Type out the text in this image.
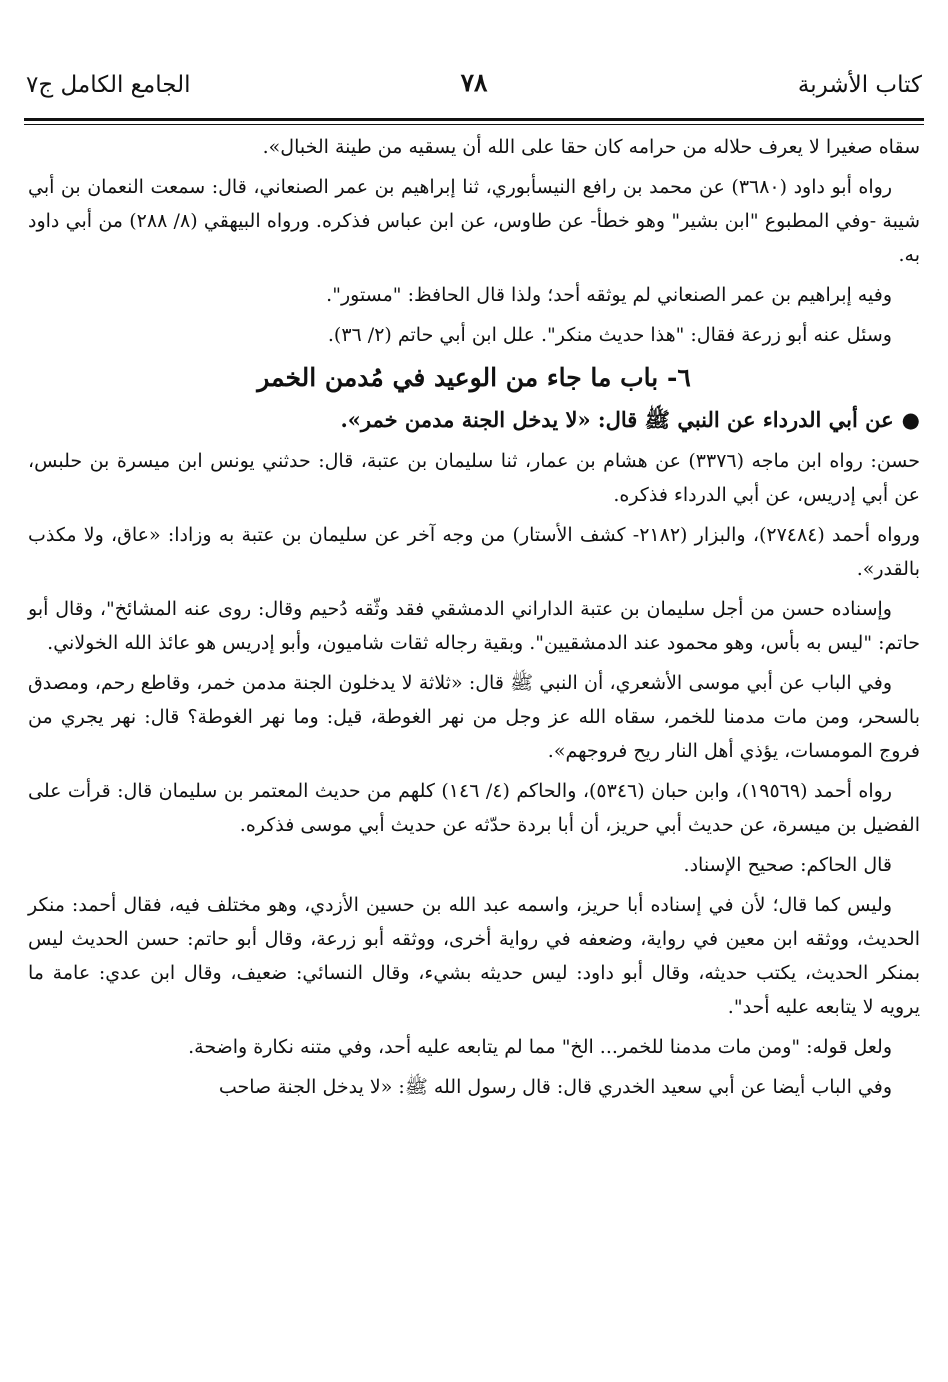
كتاب الأشربة
٧٨
الجامع الكامل ج٧

سقاه صغيرا لا يعرف حلاله من حرامه كان حقا على الله أن يسقيه من طينة الخبال».

رواه أبو داود (٣٦٨٠) عن محمد بن رافع النيسأبوري، ثنا إبراهيم بن عمر الصنعاني، قال: سمعت النعمان بن أبي شيبة -وفي المطبوع "ابن بشير" وهو خطأ- عن طاوس، عن ابن عباس فذكره. ورواه البيهقي (٨/ ٢٨٨) من أبي داود به.

وفيه إبراهيم بن عمر الصنعاني لم يوثقه أحد؛ ولذا قال الحافظ: "مستور".

وسئل عنه أبو زرعة فقال: "هذا حديث منكر". علل ابن أبي حاتم (٢/ ٣٦).

٦- باب ما جاء من الوعيد في مُدمن الخمر

●عن أبي الدرداء عن النبي ﷺ قال: «لا يدخل الجنة مدمن خمر».

حسن: رواه ابن ماجه (٣٣٧٦) عن هشام بن عمار، ثنا سليمان بن عتبة، قال: حدثني يونس ابن ميسرة بن حلبس، عن أبي إدريس، عن أبي الدرداء فذكره.

ورواه أحمد (٢٧٤٨٤)، والبزار (٢١٨٢- كشف الأستار) من وجه آخر عن سليمان بن عتبة به وزادا: «عاق، ولا مكذب بالقدر».

وإسناده حسن من أجل سليمان بن عتبة الداراني الدمشقي فقد وثّقه دُحيم وقال: روى عنه المشائخ"، وقال أبو حاتم: "ليس به بأس، وهو محمود عند الدمشقيين". وبقية رجاله ثقات شاميون، وأبو إدريس هو عائذ الله الخولاني.

وفي الباب عن أبي موسى الأشعري، أن النبي ﷺ قال: «ثلاثة لا يدخلون الجنة مدمن خمر، وقاطع رحم، ومصدق بالسحر، ومن مات مدمنا للخمر، سقاه الله عز وجل من نهر الغوطة، قيل: وما نهر الغوطة؟ قال: نهر يجري من فروج المومسات، يؤذي أهل النار ريح فروجهم».

رواه أحمد (١٩٥٦٩)، وابن حبان (٥٣٤٦)، والحاكم (٤/ ١٤٦) كلهم من حديث المعتمر بن سليمان قال: قرأت على الفضيل بن ميسرة، عن حديث أبي حريز، أن أبا بردة حدّثه عن حديث أبي موسى فذكره.

قال الحاكم: صحيح الإسناد.

وليس كما قال؛ لأن في إسناده أبا حريز، واسمه عبد الله بن حسين الأزدي، وهو مختلف فيه، فقال أحمد: منكر الحديث، ووثقه ابن معين في رواية، وضعفه في رواية أخرى، ووثقه أبو زرعة، وقال أبو حاتم: حسن الحديث ليس بمنكر الحديث، يكتب حديثه، وقال أبو داود: ليس حديثه بشيء، وقال النسائي: ضعيف، وقال ابن عدي: عامة ما يرويه لا يتابعه عليه أحد".

ولعل قوله: "ومن مات مدمنا للخمر... الخ" مما لم يتابعه عليه أحد، وفي متنه نكارة واضحة.

وفي الباب أيضا عن أبي سعيد الخدري قال: قال رسول الله ﷺ: «لا يدخل الجنة صاحب
